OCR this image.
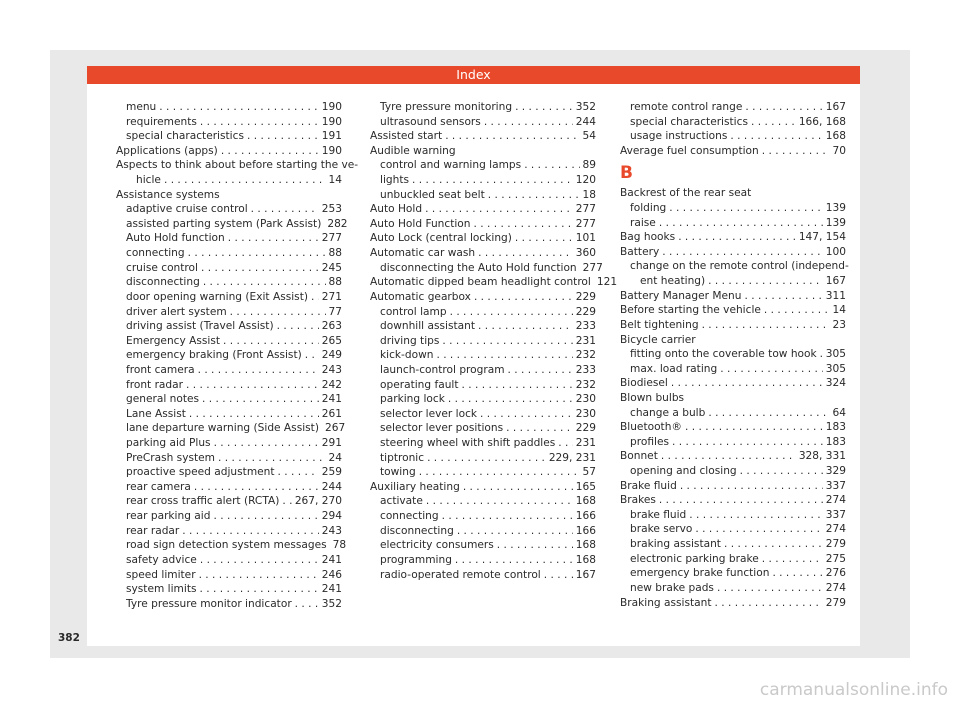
Index
menu . . .	190
requirements . . .	190
special characteristics . . .	191
Applications (apps) . . .	190
Aspects to think about before starting the ve-
hicle . . .	14
Assistance systems
adaptive cruise control . . .	253
assisted parting system (Park Assist) 282
Auto Hold function . . .	277
connecting . . .	88
cruise control . . .	245
disconnecting . . .	88
door opening warning (Exit Assist) . . . 271
driver alert system . . .	77
driving assist (Travel Assist) . . .	263
Emergency Assist . . .	265
emergency braking (Front Assist) . . . 249
front camera . . .	243
front radar . . .	242
general notes . . .	241
Lane Assist . . .	261
lane departure warning (Side Assist) 267
parking aid Plus . . .	291
PreCrash system . . .	24
proactive speed adjustment . . .	259
rear camera . . .	244
rear cross traffic alert (RCTA) . . . 267, 270
rear parking aid . . .	294
rear radar . . .	243
road sign detection system messages 78
safety advice . . .	241
speed limiter . . .	246
system limits . . .	241
Tyre pressure monitor indicator . . .	352
Tyre pressure monitoring . . .	352
ultrasound sensors . . .	244
Assisted start . . .	54
Audible warning
control and warning lamps . . .	89
lights . . .	120
unbuckled seat belt . . .	18
Auto Hold . . .	277
Auto Hold Function . . .	277
Auto Lock (central locking) . . .	101
Automatic car wash . . .	360
disconnecting the Auto Hold function 277
Automatic dipped beam headlight control 121
Automatic gearbox . . .	229
control lamp . . .	229
downhill assistant . . .	233
driving tips . . .	231
kick-down . . .	232
launch-control program . . .	233
operating fault . . .	232
parking lock . . .	230
selector lever lock . . .	230
selector lever positions . . .	229
steering wheel with shift paddles . . . 231
tiptronic . . .	229, 231
towing . . .	57
Auxiliary heating . . .	165
activate . . .	168
connecting . . .	166
disconnecting . . .	166
electricity consumers . . .	168
programming . . .	168
radio-operated remote control . . .	167
remote control range . . .	167
special characteristics . . .	166, 168
usage instructions . . .	168
Average fuel consumption . . .	70
B
Backrest of the rear seat
folding . . .	139
raise . . .	139
Bag hooks . . .	147, 154
Battery . . .	100
change on the remote control (independ-
ent heating) . . .	167
Battery Manager Menu . . .	311
Before starting the vehicle . . .	14
Belt tightening . . .	23
Bicycle carrier
fitting onto the coverable tow hook . . . 305
max. load rating . . .	305
Biodiesel . . .	324
Blown bulbs
change a bulb . . .	64
Bluetooth® . . .	183
profiles . . .	183
Bonnet . . .	328, 331
opening and closing . . .	329
Brake fluid . . .	337
Brakes . . .	274
brake fluid . . .	337
brake servo . . .	274
braking assistant . . .	279
electronic parking brake . . .	275
emergency brake function . . .	276
new brake pads . . .	274
Braking assistant . . .	279
382
carmanualsonline.info
